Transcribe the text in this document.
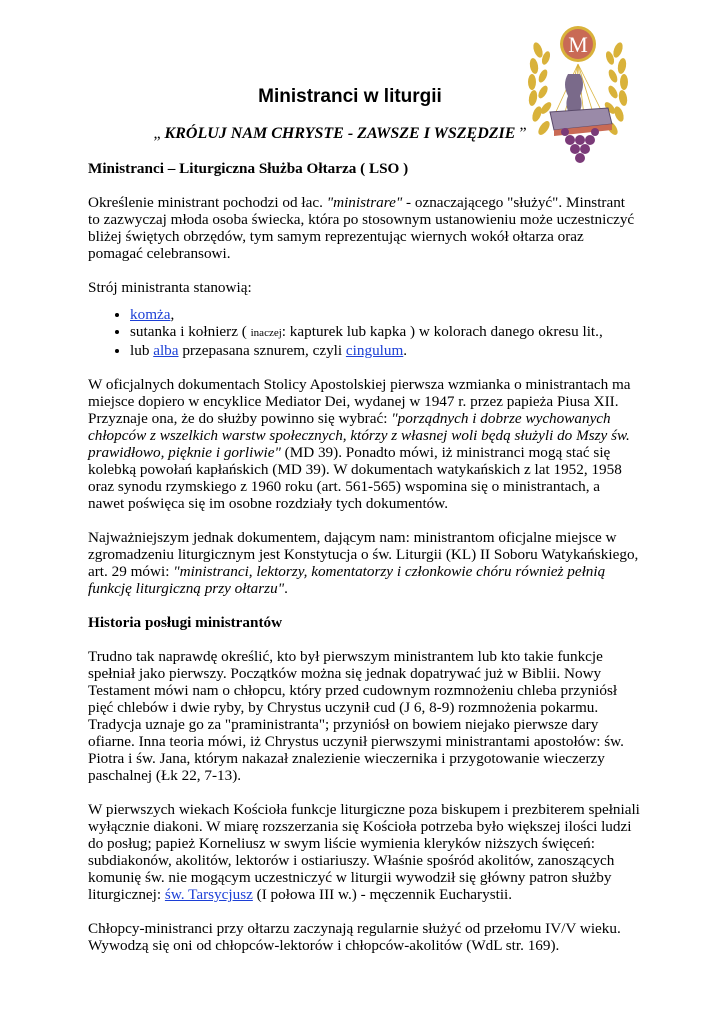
M
Ministranci w liturgii
„ KRÓLUJ NAM CHRYSTE - ZAWSZE I WSZĘDZIE ”

Ministranci – Liturgiczna Służba Ołtarza ( LSO )

Określenie ministrant pochodzi od łac. "ministrare" - oznaczającego "służyć". Minstrant to zazwyczaj młoda osoba świecka, która po stosownym ustanowieniu może uczestniczyć bliżej świętych obrzędów, tym samym reprezentując wiernych wokół ołtarza oraz pomagać celebransowi.

Strój ministranta stanowią:

• komża,
• sutanka i kołnierz ( inaczej: kapturek lub kapka ) w kolorach danego okresu lit.,
• lub alba przepasana sznurem, czyli cingulum.

W oficjalnych dokumentach Stolicy Apostolskiej pierwsza wzmianka o ministrantach ma miejsce dopiero w encyklice Mediator Dei, wydanej w 1947 r. przez papieża Piusa XII. Przyznaje ona, że do służby powinno się wybrać: "porządnych i dobrze wychowanych chłopców z wszelkich warstw społecznych, którzy z własnej woli będą służyli do Mszy św. prawidłowo, pięknie i gorliwie" (MD 39). Ponadto mówi, iż ministranci mogą stać się kolebką powołań kapłańskich (MD 39). W dokumentach watykańskich z lat 1952, 1958 oraz synodu rzymskiego z 1960 roku (art. 561-565) wspomina się o ministrantach, a nawet poświęca się im osobne rozdziały tych dokumentów.

Najważniejszym jednak dokumentem, dającym nam: ministrantom oficjalne miejsce w zgromadzeniu liturgicznym jest Konstytucja o św. Liturgii (KL) II Soboru Watykańskiego, art. 29 mówi: "ministranci, lektorzy, komentatorzy i członkowie chóru również pełnią funkcję liturgiczną przy ołtarzu".

Historia posługi ministrantów

Trudno tak naprawdę określić, kto był pierwszym ministrantem lub kto takie funkcje spełniał jako pierwszy. Początków można się jednak dopatrywać już w Biblii. Nowy Testament mówi nam o chłopcu, który przed cudownym rozmnożeniu chleba przyniósł pięć chlebów i dwie ryby, by Chrystus uczynił cud (J 6, 8-9) rozmnożenia pokarmu. Tradycja uznaje go za "praministranta"; przyniósł on bowiem niejako pierwsze dary ofiarne. Inna teoria mówi, iż Chrystus uczynił pierwszymi ministrantami apostołów: św. Piotra i św. Jana, którym nakazał znalezienie wieczernika i przygotowanie wieczerzy paschalnej (Łk 22, 7-13).

W pierwszych wiekach Kościoła funkcje liturgiczne poza biskupem i prezbiterem spełniali wyłącznie diakoni. W miarę rozszerzania się Kościoła potrzeba było większej ilości ludzi do posług; papież Korneliusz w swym liście wymienia kleryków niższych święceń: subdiakonów, akolitów, lektorów i ostiariuszy. Właśnie spośród akolitów, zanoszących komunię św. nie mogącym uczestniczyć w liturgii wywodził się główny patron służby liturgicznej: św. Tarsycjusz (I połowa III w.) - męczennik Eucharystii.

Chłopcy-ministranci przy ołtarzu zaczynają regularnie służyć od przełomu IV/V wieku. Wywodzą się oni od chłopców-lektorów i chłopców-akolitów (WdL str. 169).
